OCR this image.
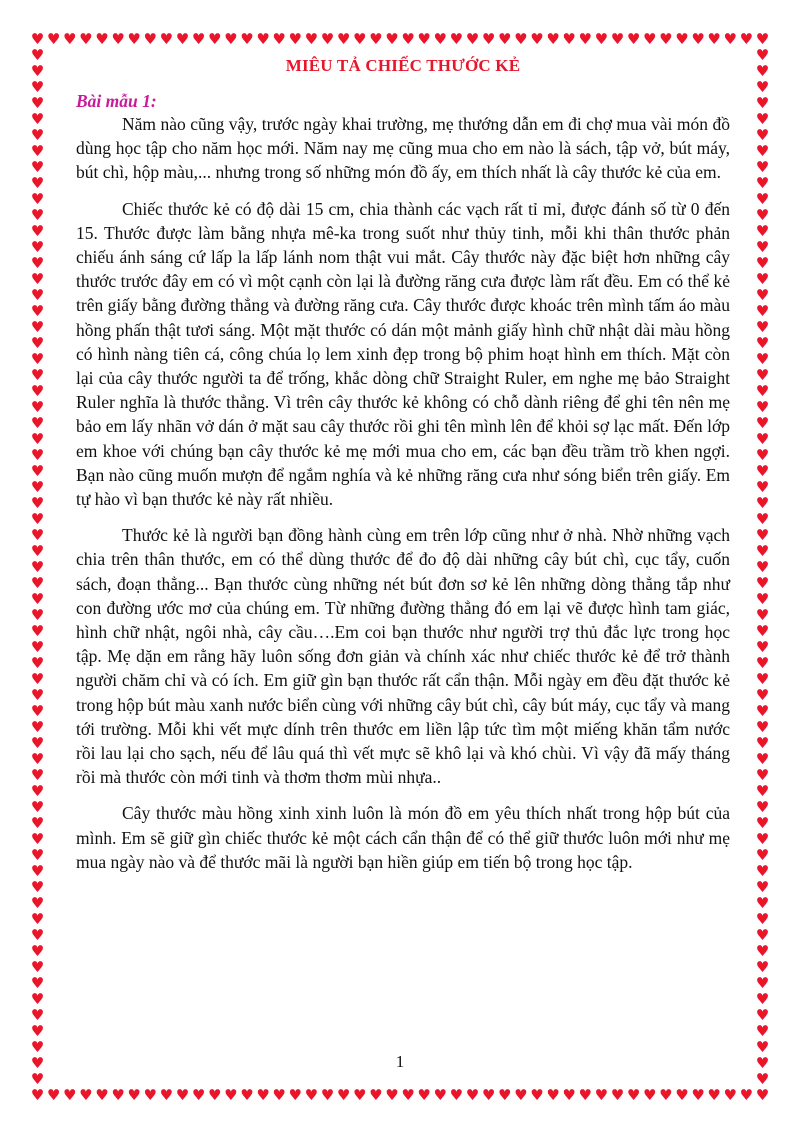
♥
♥
♥
♥
♥
♥
♥
♥
♥
♥
♥
♥
♥
♥
♥
♥
♥
♥
♥
♥
♥
♥
♥
♥
♥
♥
♥
♥
♥
♥
♥
♥
♥
♥
♥
♥
♥
♥
♥
♥
♥
♥
♥
♥
♥
♥
♥
♥
♥
♥
♥
♥
♥
♥
♥
♥
♥
♥
♥
♥
♥
♥
♥
♥
♥
♥
♥
♥
♥
♥
♥
♥
♥
♥
♥
♥
♥
♥
♥
♥
♥
♥
♥
♥
♥
♥
♥
♥
♥
♥
♥
♥
♥	♥
♥	♥
♥	♥
♥	♥
♥	♥
♥	♥
♥	♥
♥	♥
♥	♥
♥	♥
♥	♥
♥	♥
♥	♥
♥	♥
♥	♥
♥	♥
♥	♥
♥	♥
♥	♥
♥	♥
♥	♥
♥	♥
♥	♥
♥	♥
♥	♥
♥	♥
♥	♥
♥	♥
♥	♥
♥	♥
♥	♥
♥	♥
♥	♥
♥	♥
♥	♥
♥	♥
♥	♥
♥	♥
♥	♥
♥	♥
♥	♥
♥	♥
♥	♥
♥	♥
♥	♥
♥	♥
♥	♥
♥	♥
♥	♥
♥	♥
♥	♥
♥	♥
♥	♥
♥	♥
♥	♥
♥	♥
♥	♥
♥	♥
♥	♥
♥	♥
♥	♥
♥	♥
♥	♥
♥	♥
♥	♥
MIÊU TẢ CHIẾC THƯỚC KẺ
Bài mẫu 1:

Năm nào cũng vậy, trước ngày khai trường, mẹ thướng dẫn em đi chợ mua vài món đồ dùng học tập cho năm học mới. Năm nay mẹ cũng mua cho em nào là sách, tập vở, bút máy, bút chì, hộp màu,... nhưng trong số những món đồ ấy, em thích nhất là cây thước kẻ của em.

Chiếc thước kẻ có độ dài 15 cm, chia thành các vạch rất tỉ mỉ, được đánh số từ 0 đến 15. Thước được làm bằng nhựa mê-ka trong suốt như thủy tinh, mỗi khi thân thước phản chiếu ánh sáng cứ lấp la lấp lánh nom thật vui mắt. Cây thước này đặc biệt hơn những cây thước trước đây em có vì một cạnh còn lại là đường răng cưa được làm rất đều. Em có thể kẻ trên giấy bằng đường thẳng và đường răng cưa. Cây thước được khoác trên mình tấm áo màu hồng phấn thật tươi sáng. Một mặt thước có dán một mảnh giấy hình chữ nhật dài màu hồng có hình nàng tiên cá, công chúa lọ lem xinh đẹp trong bộ phim hoạt hình em thích. Mặt còn lại của cây thước người ta để trống, khắc dòng chữ Straight Ruler, em nghe mẹ bảo Straight Ruler nghĩa là thước thẳng. Vì trên cây thước kẻ không có chỗ dành riêng để ghi tên nên mẹ bảo em lấy nhãn vở dán ở mặt sau cây thước rồi ghi tên mình lên để khỏi sợ lạc mất. Đến lớp em khoe với chúng bạn cây thước kẻ mẹ mới mua cho em, các bạn đều trầm trồ khen ngợi. Bạn nào cũng muốn mượn để ngắm nghía và kẻ những răng cưa như sóng biển trên giấy. Em tự hào vì bạn thước kẻ này rất nhiều.

Thước kẻ là người bạn đồng hành cùng em trên lớp cũng như ở nhà. Nhờ những vạch chia trên thân thước, em có thể dùng thước để đo độ dài những cây bút chì, cục tẩy, cuốn sách, đoạn thẳng... Bạn thước cùng những nét bút đơn sơ kẻ lên những dòng thẳng tắp như con đường ước mơ của chúng em. Từ những đường thẳng đó em lại vẽ được hình tam giác, hình chữ nhật, ngôi nhà, cây cầu….Em coi bạn thước như người trợ thủ đắc lực trong học tập. Mẹ dặn em rằng hãy luôn sống đơn giản và chính xác như chiếc thước kẻ để trở thành người chăm chỉ và có ích. Em giữ gìn bạn thước rất cẩn thận. Mỗi ngày em đều đặt thước kẻ trong hộp bút màu xanh nước biển cùng với những cây bút chì, cây bút máy, cục tẩy và mang tới trường. Mỗi khi vết mực dính trên thước em liền lập tức tìm một miếng khăn tẩm nước rồi lau lại cho sạch, nếu để lâu quá thì vết mực sẽ khô lại và khó chùi. Vì vậy đã mấy tháng rồi mà thước còn mới tinh và thơm thơm mùi nhựa..

Cây thước màu hồng xinh xinh luôn là món đồ em yêu thích nhất trong hộp bút của mình. Em sẽ giữ gìn chiếc thước kẻ một cách cẩn thận để có thể giữ thước luôn mới như mẹ mua ngày nào và để thước mãi là người bạn hiền giúp em tiến bộ trong học tập.

1
